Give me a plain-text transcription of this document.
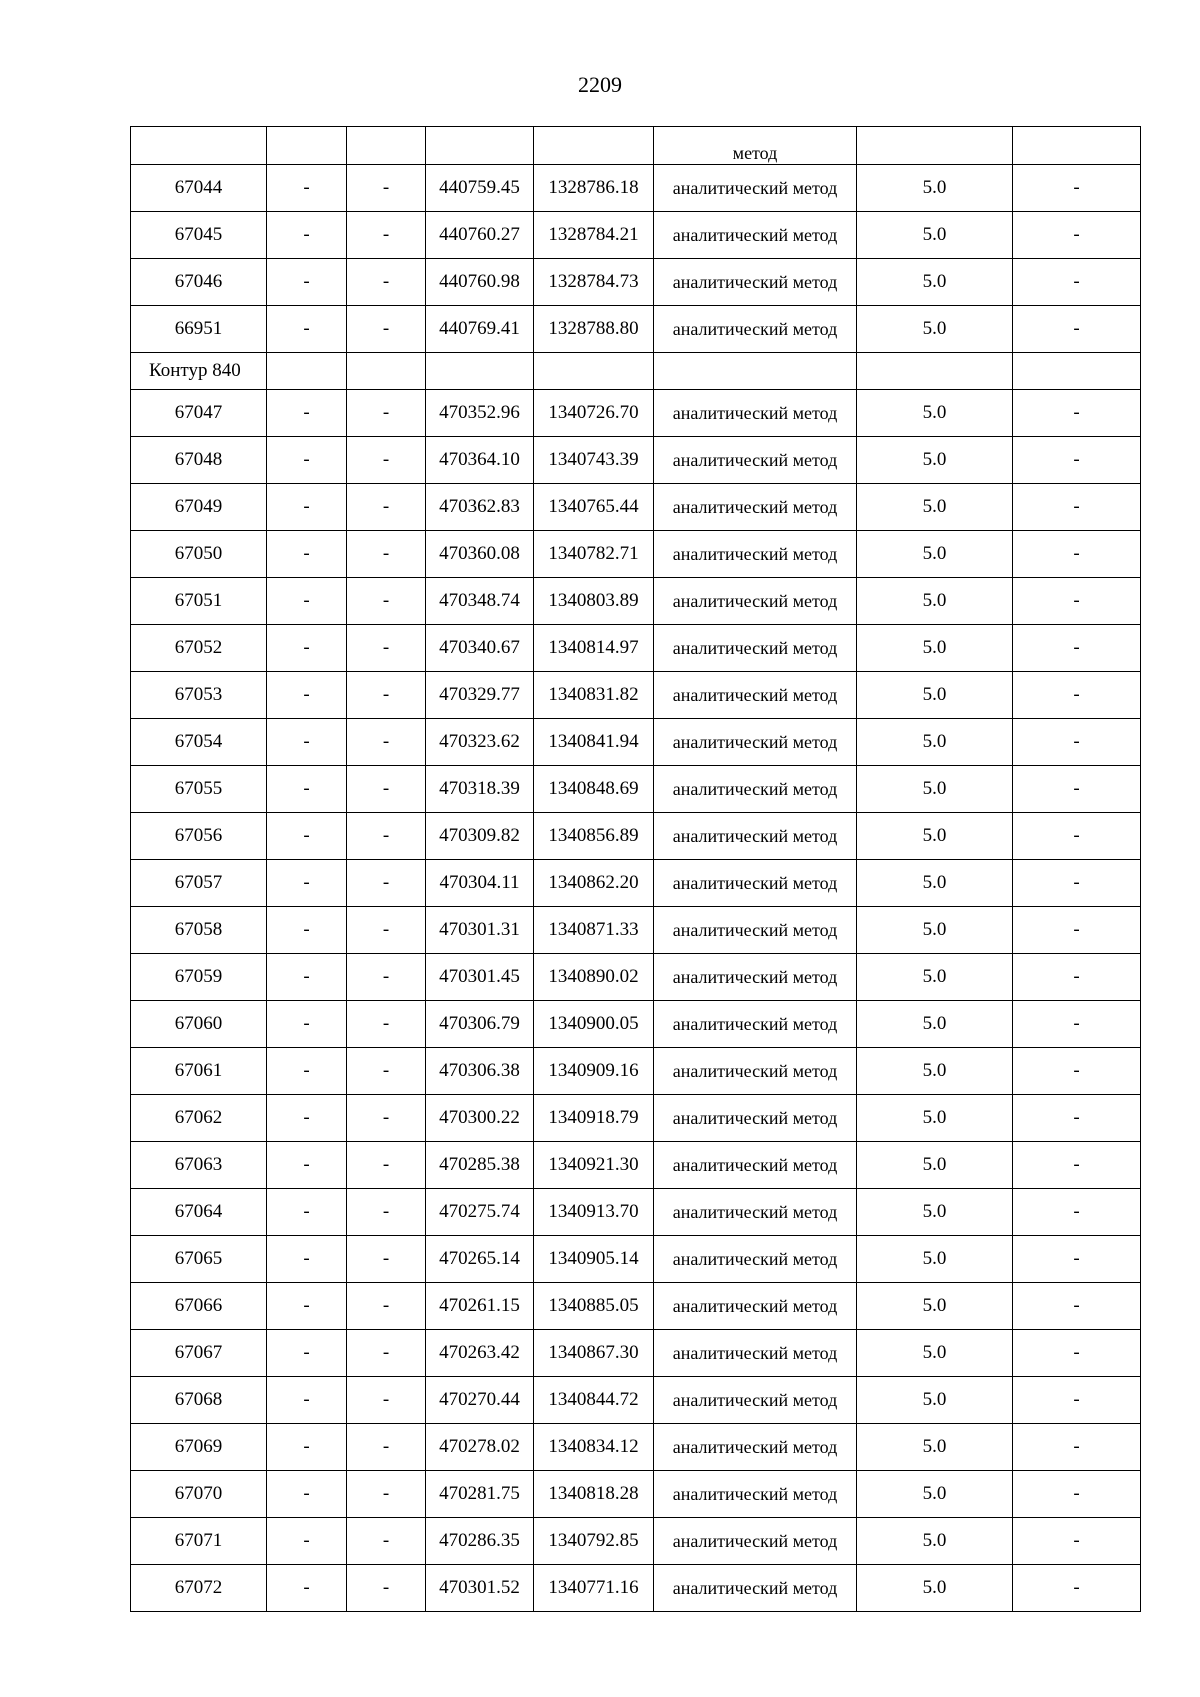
2209
					метод		
67044	-	-	440759.45	1328786.18	аналитический метод	5.0	-
67045	-	-	440760.27	1328784.21	аналитический метод	5.0	-
67046	-	-	440760.98	1328784.73	аналитический метод	5.0	-
66951	-	-	440769.41	1328788.80	аналитический метод	5.0	-
Контур 840							
67047	-	-	470352.96	1340726.70	аналитический метод	5.0	-
67048	-	-	470364.10	1340743.39	аналитический метод	5.0	-
67049	-	-	470362.83	1340765.44	аналитический метод	5.0	-
67050	-	-	470360.08	1340782.71	аналитический метод	5.0	-
67051	-	-	470348.74	1340803.89	аналитический метод	5.0	-
67052	-	-	470340.67	1340814.97	аналитический метод	5.0	-
67053	-	-	470329.77	1340831.82	аналитический метод	5.0	-
67054	-	-	470323.62	1340841.94	аналитический метод	5.0	-
67055	-	-	470318.39	1340848.69	аналитический метод	5.0	-
67056	-	-	470309.82	1340856.89	аналитический метод	5.0	-
67057	-	-	470304.11	1340862.20	аналитический метод	5.0	-
67058	-	-	470301.31	1340871.33	аналитический метод	5.0	-
67059	-	-	470301.45	1340890.02	аналитический метод	5.0	-
67060	-	-	470306.79	1340900.05	аналитический метод	5.0	-
67061	-	-	470306.38	1340909.16	аналитический метод	5.0	-
67062	-	-	470300.22	1340918.79	аналитический метод	5.0	-
67063	-	-	470285.38	1340921.30	аналитический метод	5.0	-
67064	-	-	470275.74	1340913.70	аналитический метод	5.0	-
67065	-	-	470265.14	1340905.14	аналитический метод	5.0	-
67066	-	-	470261.15	1340885.05	аналитический метод	5.0	-
67067	-	-	470263.42	1340867.30	аналитический метод	5.0	-
67068	-	-	470270.44	1340844.72	аналитический метод	5.0	-
67069	-	-	470278.02	1340834.12	аналитический метод	5.0	-
67070	-	-	470281.75	1340818.28	аналитический метод	5.0	-
67071	-	-	470286.35	1340792.85	аналитический метод	5.0	-
67072	-	-	470301.52	1340771.16	аналитический метод	5.0	-
